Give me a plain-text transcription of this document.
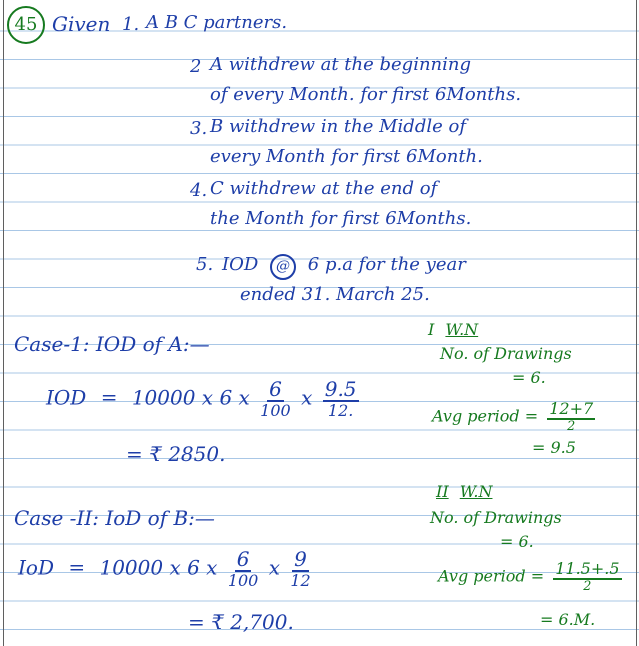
45 Given 1. A B C partners.
2 A withdrew at the beginning
of every Month. for first 6Months.
3. B withdrew in the Middle of
every Month for first 6Month.
4. C withdrew at the end of
the Month for first 6Months.
5. IOD @ 6 p.a for the year
ended 31. March 25.
Case-1: IOD of A:—
IOD = 10000 x 6 x $\frac{6}{100}$ x $\frac{9.5}{12.}$
= ₹ 2850.
I W.N
No. of Drawings
= 6.
Avg period = $\frac{12+7}{2}$
= 9.5
Case -II: IoD of B:—
IoD = 10000 x 6 x $\frac{6}{100}$ x $\frac{9}{12}$
= ₹ 2,700.
II W.N
No. of Drawings
= 6.
Avg period = $\frac{11.5+.5}{2}$
= 6.M.
